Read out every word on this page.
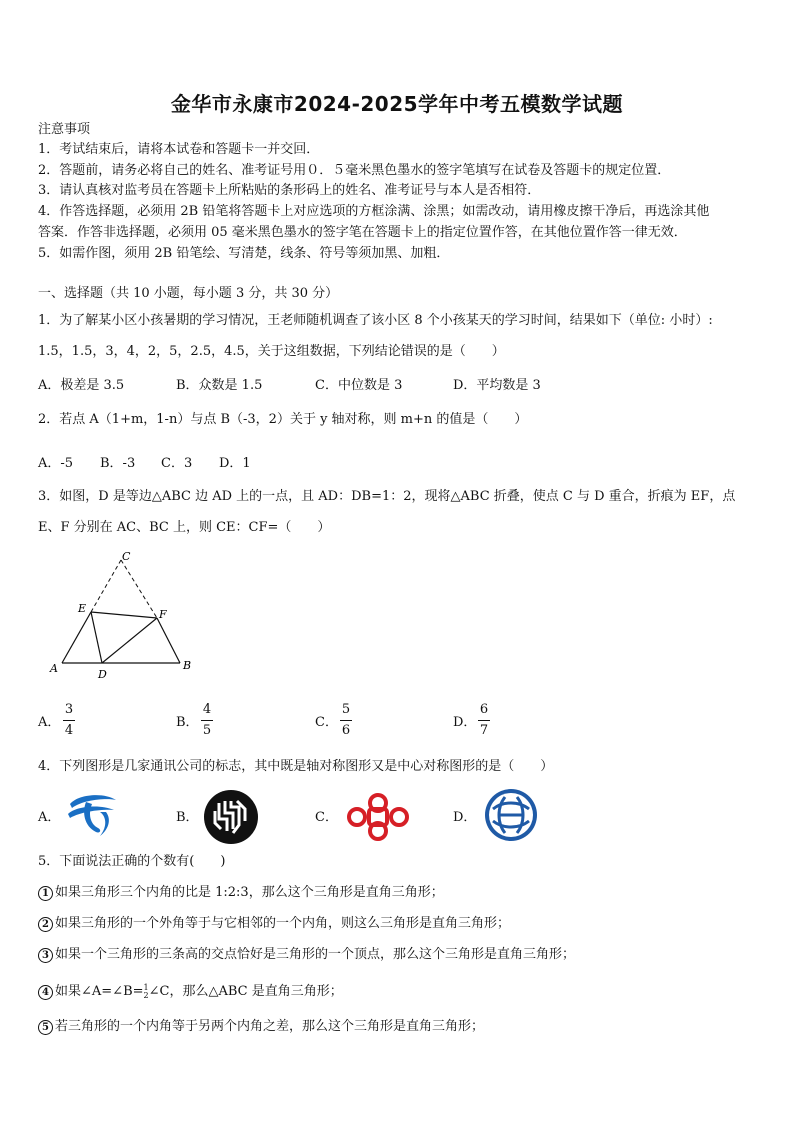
金华市永康市2024-2025学年中考五模数学试题
注意事项
1．考试结束后，请将本试卷和答题卡一并交回．
2．答题前，请务必将自己的姓名、准考证号用０．５毫米黑色墨水的签字笔填写在试卷及答题卡的规定位置．
3．请认真核对监考员在答题卡上所粘贴的条形码上的姓名、准考证号与本人是否相符．
4．作答选择题，必须用 2B 铅笔将答题卡上对应选项的方框涂满、涂黑；如需改动，请用橡皮擦干净后，再选涂其他
答案．作答非选择题，必须用 05 毫米黑色墨水的签字笔在答题卡上的指定位置作答，在其他位置作答一律无效．
5．如需作图，须用 2B 铅笔绘、写清楚，线条、符号等须加黑、加粗．
一、选择题（共 10 小题，每小题 3 分，共 30 分）
1．为了解某小区小孩暑期的学习情况，王老师随机调查了该小区 8 个小孩某天的学习时间，结果如下（单位: 小时）:
1.5，1.5，3，4，2，5，2.5，4.5，关于这组数据，下列结论错误的是（　　）
A．极差是 3.5	B．众数是 1.5	C．中位数是 3	D．平均数是 3
2．若点 A（1+m，1-n）与点 B（-3，2）关于 y 轴对称，则 m+n 的值是（　　）
A．-5 B．-3 C．3 D．1
3．如图，D 是等边△ABC 边 AD 上的一点，且 AD：DB=1：2，现将△ABC 折叠，使点 C 与 D 重合，折痕为 EF，点
E、F 分别在 AC、BC 上，则 CE：CF=（　　）
C
E	F
A	D
B
A．
3
4
B．
4
5
C．
5
6
D．
6
7
4．下列图形是几家通讯公司的标志，其中既是轴对称图形又是中心对称图形的是（　　）
A．	B．	C．	D．
5．下面说法正确的个数有(　　)
1 如果三角形三个内角的比是 1:2:3，那么这个三角形是直角三角形；
2 如果三角形的一个外角等于与它相邻的一个内角，则这么三角形是直角三角形；
3 如果一个三角形的三条高的交点恰好是三角形的一个顶点，那么这个三角形是直角三角形；
4 如果∠A=∠B= 1
2 ∠C，那么△ABC 是直角三角形；
5 若三角形的一个内角等于另两个内角之差，那么这个三角形是直角三角形；
